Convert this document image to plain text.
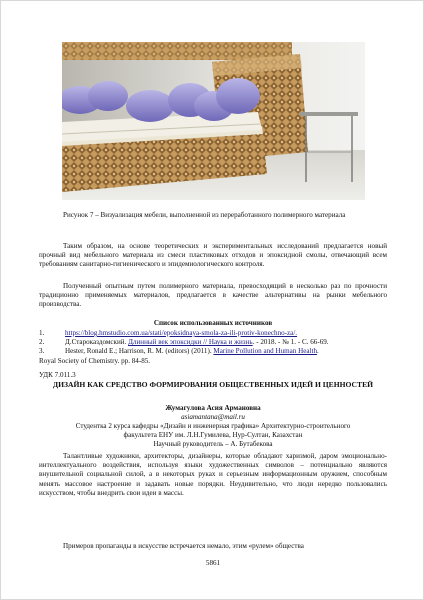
Рисунок 7 – Визуализация мебели, выполненной из переработанного полимерного материала
Таким образом, на основе теоретических и экспериментальных исследований предлагается новый прочный вид мебельного материала из смеси пластиковых отходов и эпоксидной смолы, отвечающий всем требованиям санитарно-гигиенического и эпидемиологического контроля.
Полученный опытным путем полимерного материала, превосходящий в несколько раз по прочности традиционно применяемых материалов, предлагается в качестве альтернативы на рынки мебельного производства.
Список использованных источников
1.	https://blog.hmstudio.com.ua/stati/epoksidnaya-smola-za-ili-protiv-konechno-za/.
2.	Д.Староказдомский. Длинный век эпоксидки // Наука и жизнь. - 2018. - № 1. - С. 66-69.
3.	Hester, Ronald E.; Harrison, R. M. (editors) (2011). Marine Pollution and Human Health.
Royal Society of Chemistry. pp. 84-85.
УДК 7.011.3
ДИЗАЙН КАК СРЕДСТВО ФОРМИРОВАНИЯ ОБЩЕСТВЕННЫХ ИДЕЙ И ЦЕННОСТЕЙ
Жумагулова Асия Армановна
asiamantana@mail.ru
Студентка 2 курса кафедры «Дизайн и инженерная графика» Архитектурно-строительного
факультета ЕНУ им. Л.Н.Гумилева, Нур-Султан, Казахстан
Научный руководитель – А. Бутабекова
Талантливые художники, архитекторы, дизайнеры, которые обладают харизмой, даром эмоционально-интеллектуального воздействия, используя языки художественных символов – потенциально являются внушительной социальной силой, а в некоторых руках и серьезным информационным оружием, способным менять массовое настроение и задавать новые порядки. Неудивительно, что люди нередко пользовались искусством, чтобы внедрить свои идеи в массы.
Примеров пропаганды в искусстве встречается немало, этим «рулем» общества
5861
